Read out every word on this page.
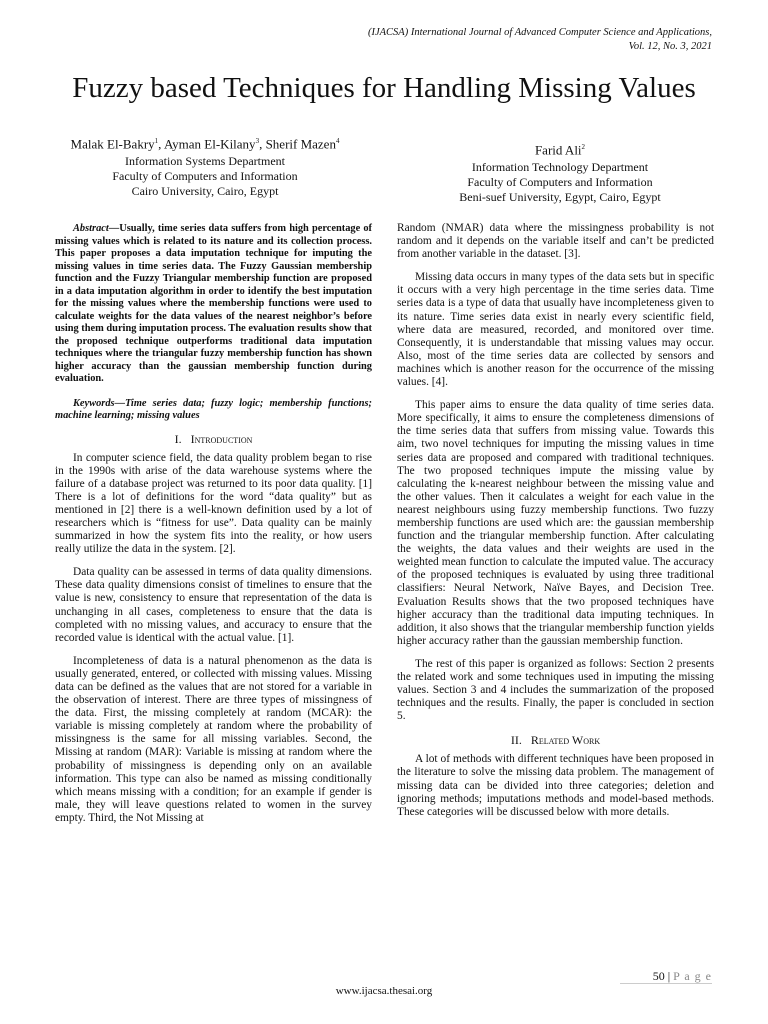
(IJACSA) International Journal of Advanced Computer Science and Applications,
Vol. 12, No. 3, 2021
Fuzzy based Techniques for Handling Missing Values
Malak El-Bakry$^1$, Ayman El-Kilany$^3$, Sherif Mazen$^4$
Information Systems Department
Faculty of Computers and Information
Cairo University, Cairo, Egypt
Farid Ali$^2$
Information Technology Department
Faculty of Computers and Information
Beni-suef University, Egypt, Cairo, Egypt

Abstract—Usually, time series data suffers from high percentage of missing values which is related to its nature and its collection process. This paper proposes a data imputation technique for imputing the missing values in time series data. The Fuzzy Gaussian membership function and the Fuzzy Triangular membership function are proposed in a data imputation algorithm in order to identify the best imputation for the missing values where the membership functions were used to calculate weights for the data values of the nearest neighbor’s before using them during imputation process. The evaluation results show that the proposed technique outperforms traditional data imputation techniques where the triangular fuzzy membership function has shown higher accuracy than the gaussian membership function during evaluation.

Keywords—Time series data; fuzzy logic; membership functions; machine learning; missing values

I. Introduction

In computer science field, the data quality problem began to rise in the 1990s with arise of the data warehouse systems where the failure of a database project was returned to its poor data quality. [1] There is a lot of definitions for the word “data quality” but as mentioned in [2] there is a well-known definition used by a lot of researchers which is “fitness for use”. Data quality can be mainly summarized in how the system fits into the reality, or how users really utilize the data in the system. [2].

Data quality can be assessed in terms of data quality dimensions. These data quality dimensions consist of timelines to ensure that the value is new, consistency to ensure that representation of the data is unchanging in all cases, completeness to ensure that the data is completed with no missing values, and accuracy to ensure that the recorded value is identical with the actual value. [1].

Incompleteness of data is a natural phenomenon as the data is usually generated, entered, or collected with missing values. Missing data can be defined as the values that are not stored for a variable in the observation of interest. There are three types of missingness of the data. First, the missing completely at random (MCAR): the variable is missing completely at random where the probability of missingness is the same for all missing variables. Second, the Missing at random (MAR): Variable is missing at random where the probability of missingness is depending only on an available information. This type can also be named as missing conditionally which means missing with a condition; for an example if gender is male, they will leave questions related to women in the survey empty. Third, the Not Missing at

Random (NMAR) data where the missingness probability is not random and it depends on the variable itself and can’t be predicted from another variable in the dataset. [3].

Missing data occurs in many types of the data sets but in specific it occurs with a very high percentage in the time series data. Time series data is a type of data that usually have incompleteness given to its nature. Time series data exist in nearly every scientific field, where data are measured, recorded, and monitored over time. Consequently, it is understandable that missing values may occur. Also, most of the time series data are collected by sensors and machines which is another reason for the occurrence of the missing values. [4].

This paper aims to ensure the data quality of time series data. More specifically, it aims to ensure the completeness dimensions of the time series data that suffers from missing value. Towards this aim, two novel techniques for imputing the missing values in time series data are proposed and compared with traditional techniques. The two proposed techniques impute the missing value by calculating the k-nearest neighbour between the missing value and the other values. Then it calculates a weight for each value in the nearest neighbours using fuzzy membership functions. Two fuzzy membership functions are used which are: the gaussian membership function and the triangular membership function. After calculating the weights, the data values and their weights are used in the weighted mean function to calculate the imputed value. The accuracy of the proposed techniques is evaluated by using three traditional classifiers: Neural Network, Naïve Bayes, and Decision Tree. Evaluation Results shows that the two proposed techniques have higher accuracy than the traditional data imputing techniques. In addition, it also shows that the triangular membership function yields higher accuracy rather than the gaussian membership function.

The rest of this paper is organized as follows: Section 2 presents the related work and some techniques used in imputing the missing values. Section 3 and 4 includes the summarization of the proposed techniques and the results. Finally, the paper is concluded in section 5.

II. Related Work

A lot of methods with different techniques have been proposed in the literature to solve the missing data problem. The management of missing data can be divided into three categories; deletion and ignoring methods; imputations methods and model-based methods. These categories will be discussed below with more details.

50 | P a g e
www.ijacsa.thesai.org
